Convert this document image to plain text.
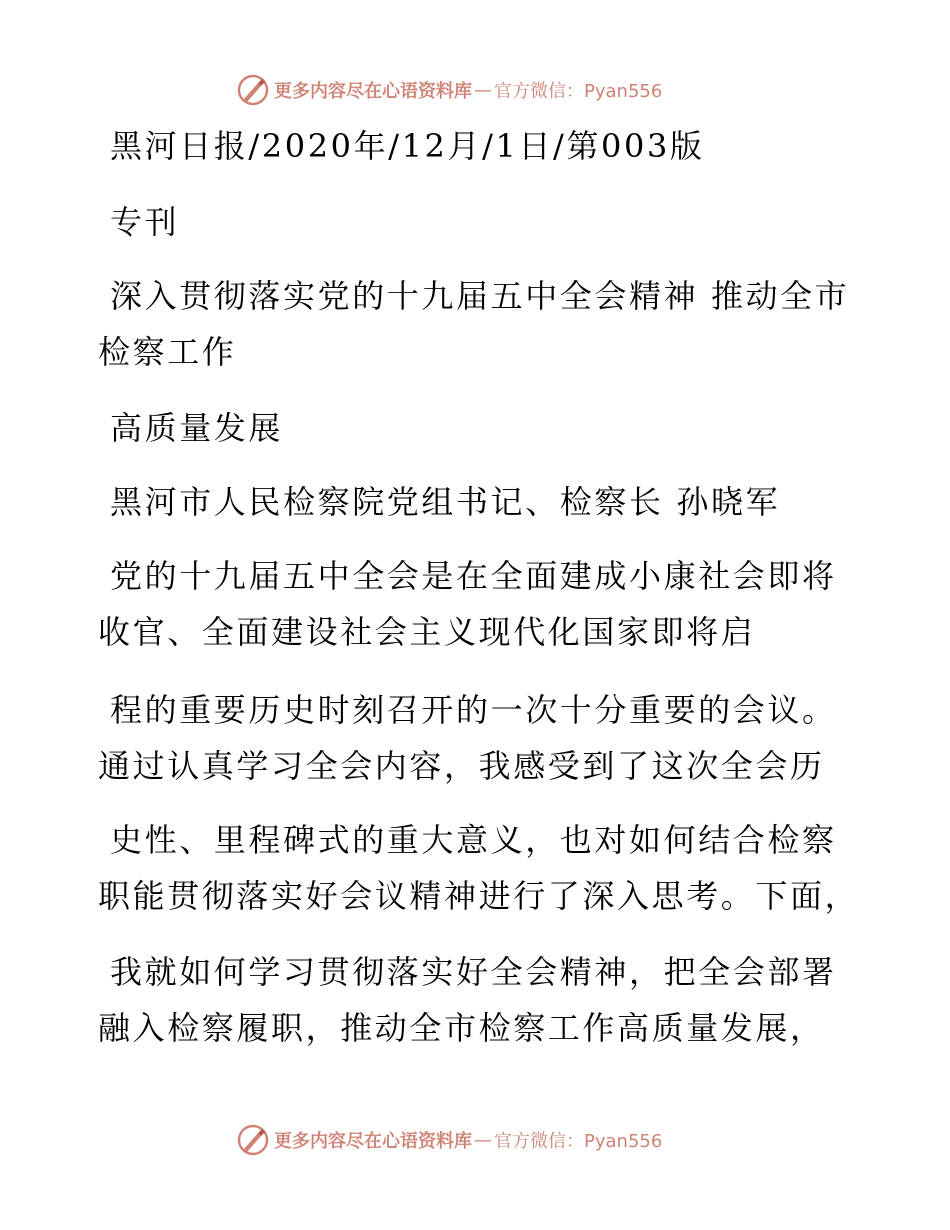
更多内容尽在心语资料库 — 官方微信：Pyan556
黑河日报/2020年/12月/1日/第003版
专刊
深入贯彻落实党的十九届五中全会精神 推动全市
检察工作
高质量发展
黑河市人民检察院党组书记、检察长 孙晓军
党的十九届五中全会是在全面建成小康社会即将
收官、全面建设社会主义现代化国家即将启
程的重要历史时刻召开的一次十分重要的会议。
通过认真学习全会内容，我感受到了这次全会历
史性、里程碑式的重大意义，也对如何结合检察
职能贯彻落实好会议精神进行了深入思考。下面，
我就如何学习贯彻落实好全会精神，把全会部署
融入检察履职，推动全市检察工作高质量发展，
更多内容尽在心语资料库 — 官方微信：Pyan556
